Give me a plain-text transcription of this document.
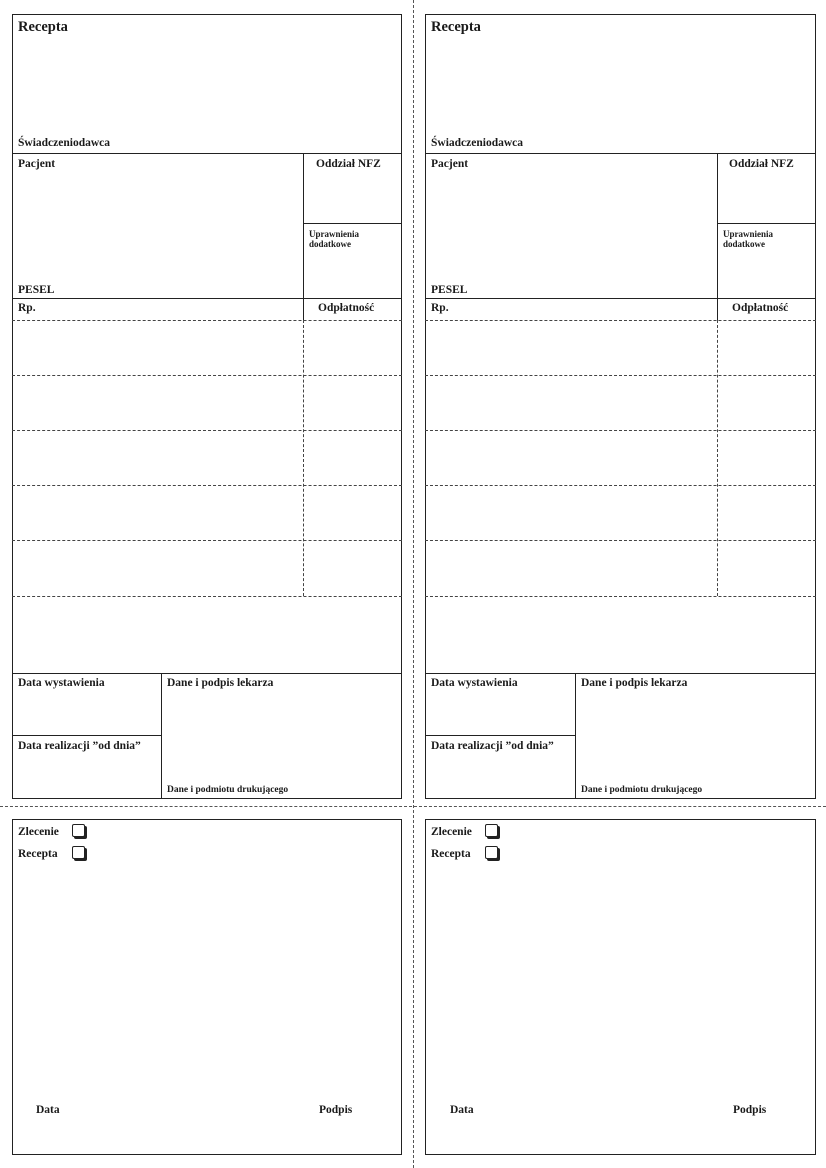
Recepta
Świadczeniodawca
Pacjent	Oddział NFZ
Uprawnienia dodatkowe
PESEL
Rp.	Odpłatność
Data wystawienia	Dane i podpis lekarza
Data realizacji ”od dnia”
Dane i podmiotu drukującego
Recepta
Świadczeniodawca
Pacjent	Oddział NFZ
Uprawnienia dodatkowe
PESEL
Rp.	Odpłatność
Data wystawienia	Dane i podpis lekarza
Data realizacji ”od dnia”
Dane i podmiotu drukującego
Zlecenie
Recepta
Data	Podpis
Zlecenie
Recepta
Data	Podpis
